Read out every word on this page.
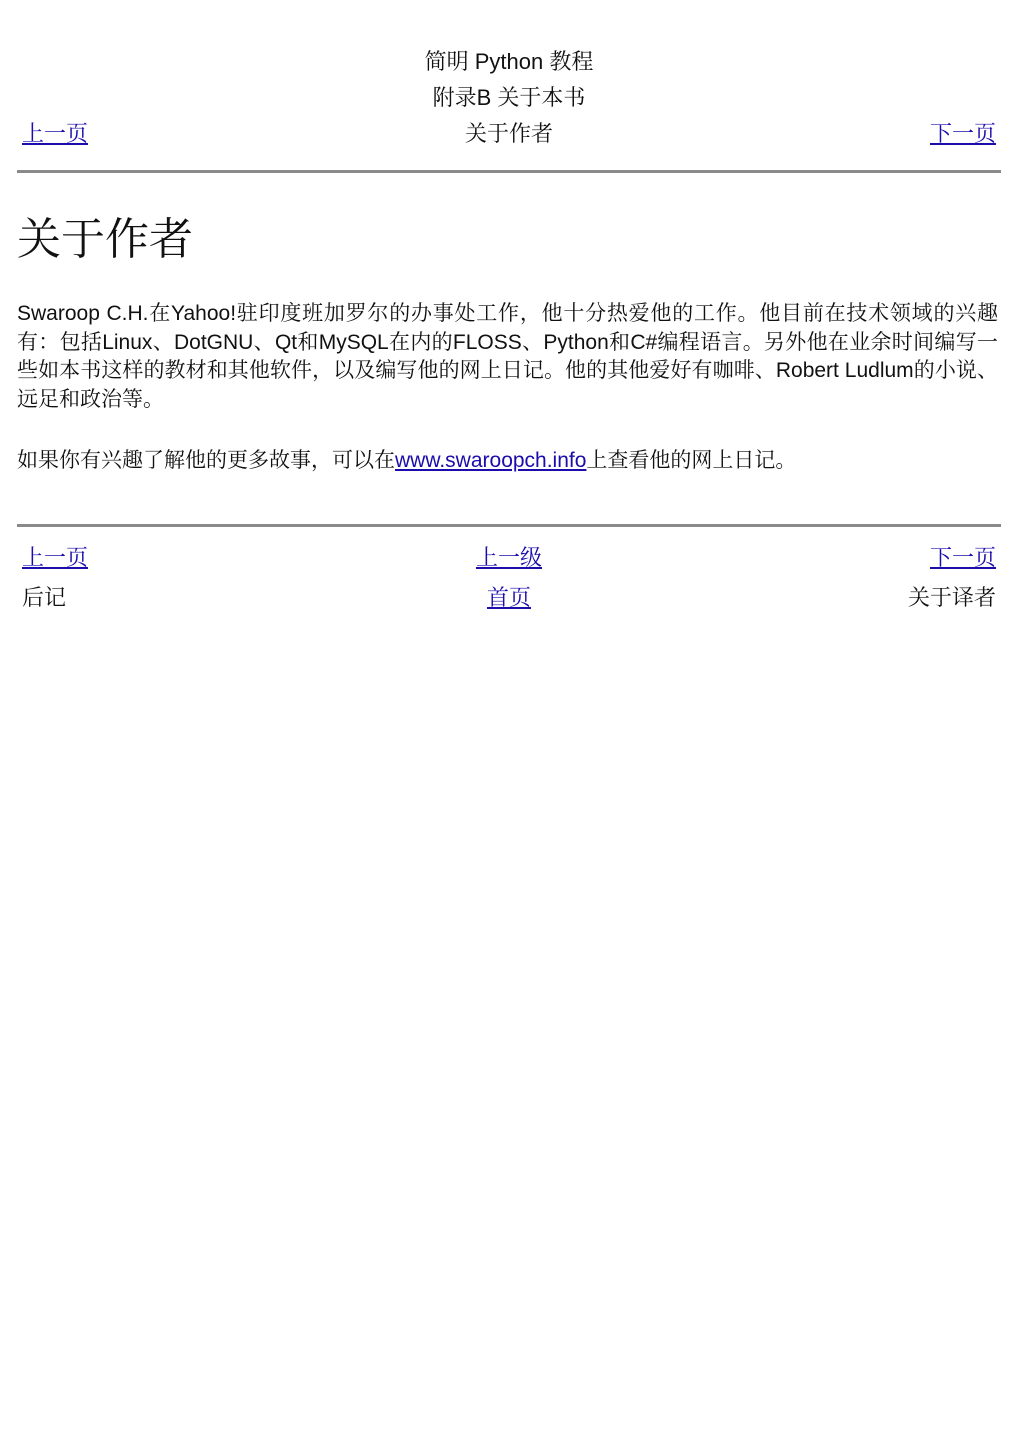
简明 Python 教程
附录B 关于本书
上一页	关于作者	下一页
关于作者

Swaroop C.H.在Yahoo!驻印度班加罗尔的办事处工作，他十分热爱他的工作。他目前在技术领域的兴趣有：包括Linux、DotGNU、Qt和MySQL在内的FLOSS、Python和C#编程语言。另外他在业余时间编写一些如本书这样的教材和其他软件，以及编写他的网上日记。他的其他爱好有咖啡、Robert Ludlum的小说、远足和政治等。

如果你有兴趣了解他的更多故事，可以在www.swaroopch.info上查看他的网上日记。

上一页	上一级	下一页
后记	首页	关于译者
